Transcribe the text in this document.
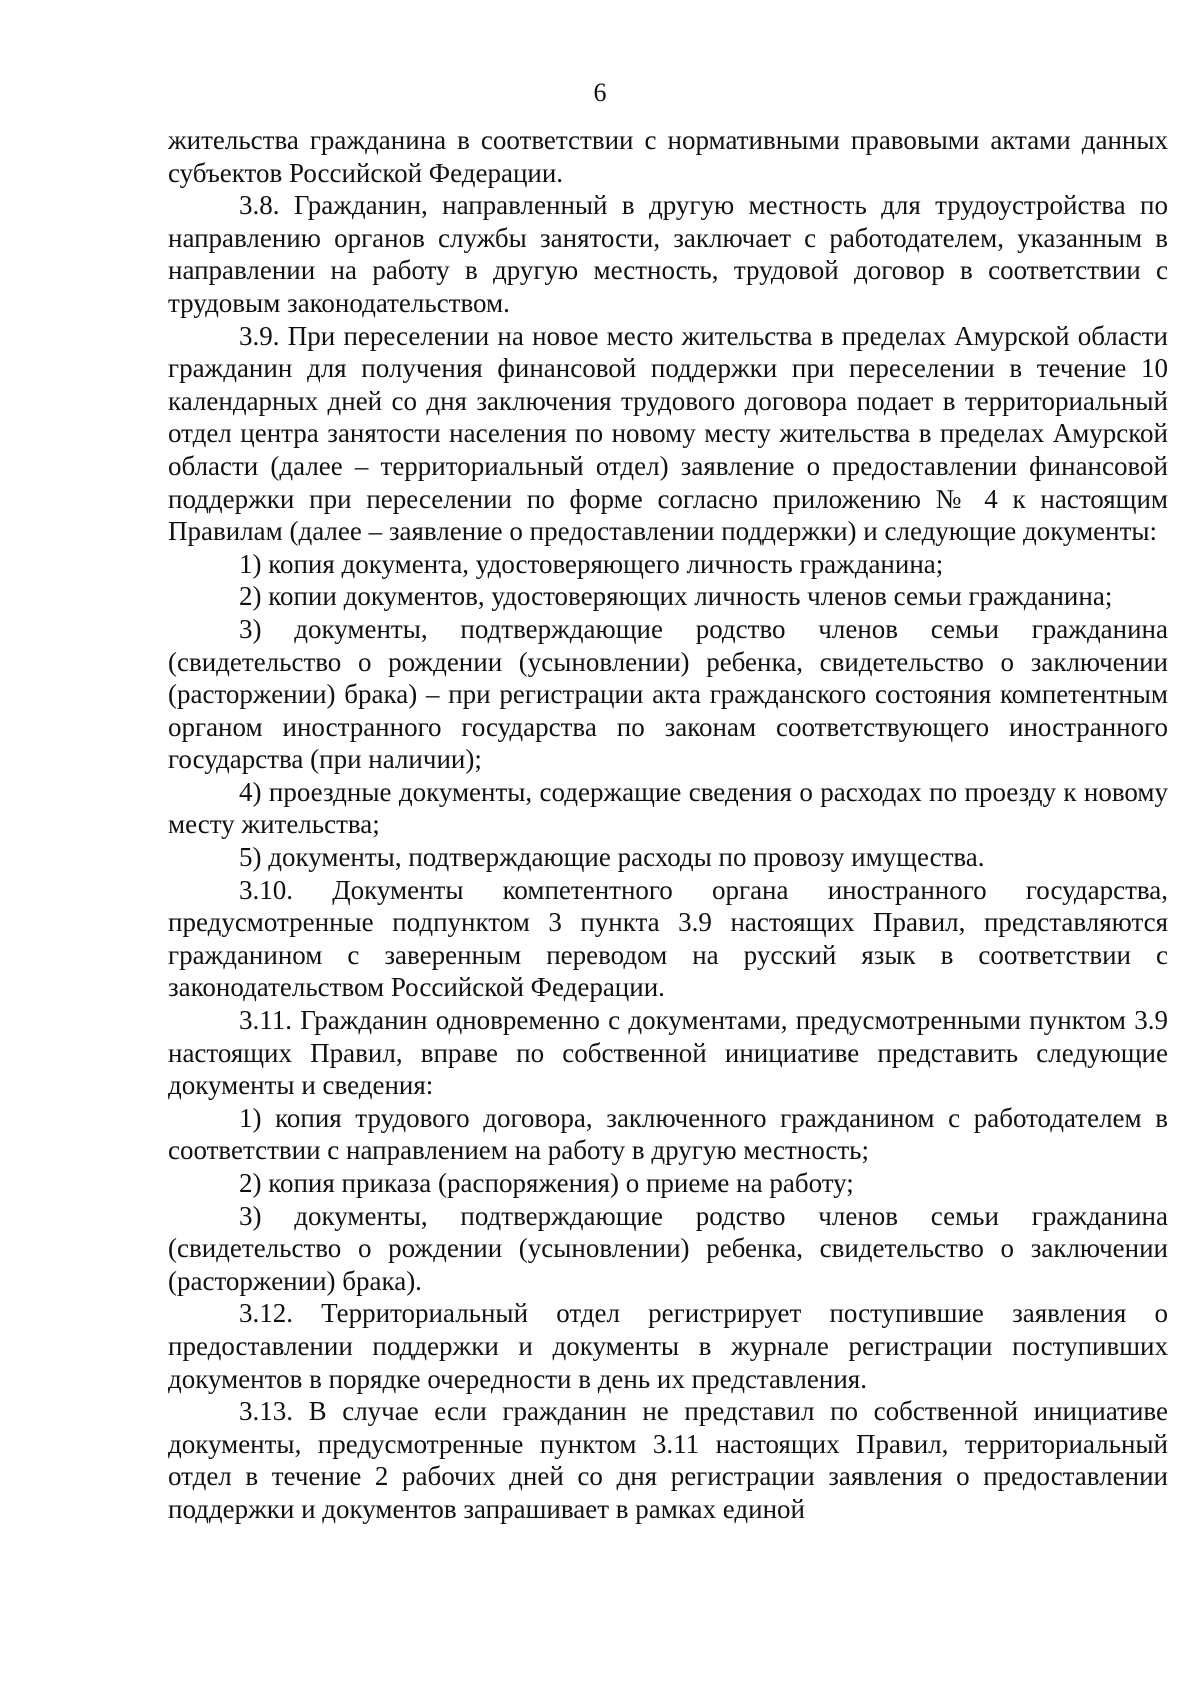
6

жительства гражданина в соответствии с нормативными правовыми актами данных субъектов Российской Федерации.

3.8. Гражданин, направленный в другую местность для трудоустройства по направлению органов службы занятости, заключает с работодателем, указанным в направлении на работу в другую местность, трудовой договор в соответствии с трудовым законодательством.

3.9. При переселении на новое место жительства в пределах Амурской области гражданин для получения финансовой поддержки при переселении в течение 10 календарных дней со дня заключения трудового договора подает в территориальный отдел центра занятости населения по новому месту жительства в пределах Амурской области (далее – территориальный отдел) заявление о предоставлении финансовой поддержки при переселении по форме согласно приложению № 4 к настоящим Правилам (далее – заявление о предоставлении поддержки) и следующие документы:

1) копия документа, удостоверяющего личность гражданина;

2) копии документов, удостоверяющих личность членов семьи гражданина;

3) документы, подтверждающие родство членов семьи гражданина (свидетельство о рождении (усыновлении) ребенка, свидетельство о заключении (расторжении) брака) – при регистрации акта гражданского состояния компетентным органом иностранного государства по законам соответствующего иностранного государства (при наличии);

4) проездные документы, содержащие сведения о расходах по проезду к новому месту жительства;

5) документы, подтверждающие расходы по провозу имущества.

3.10. Документы компетентного органа иностранного государства, предусмотренные подпунктом 3 пункта 3.9 настоящих Правил, представляются гражданином с заверенным переводом на русский язык в соответствии с законодательством Российской Федерации.

3.11. Гражданин одновременно с документами, предусмотренными пунктом 3.9 настоящих Правил, вправе по собственной инициативе представить следующие документы и сведения:

1) копия трудового договора, заключенного гражданином с работодателем в соответствии с направлением на работу в другую местность;

2) копия приказа (распоряжения) о приеме на работу;

3) документы, подтверждающие родство членов семьи гражданина (свидетельство о рождении (усыновлении) ребенка, свидетельство о заключении (расторжении) брака).

3.12. Территориальный отдел регистрирует поступившие заявления о предоставлении поддержки и документы в журнале регистрации поступивших документов в порядке очередности в день их представления.

3.13. В случае если гражданин не представил по собственной инициативе документы, предусмотренные пунктом 3.11 настоящих Правил, территориальный отдел в течение 2 рабочих дней со дня регистрации заявления о предоставлении поддержки и документов запрашивает в рамках единой
